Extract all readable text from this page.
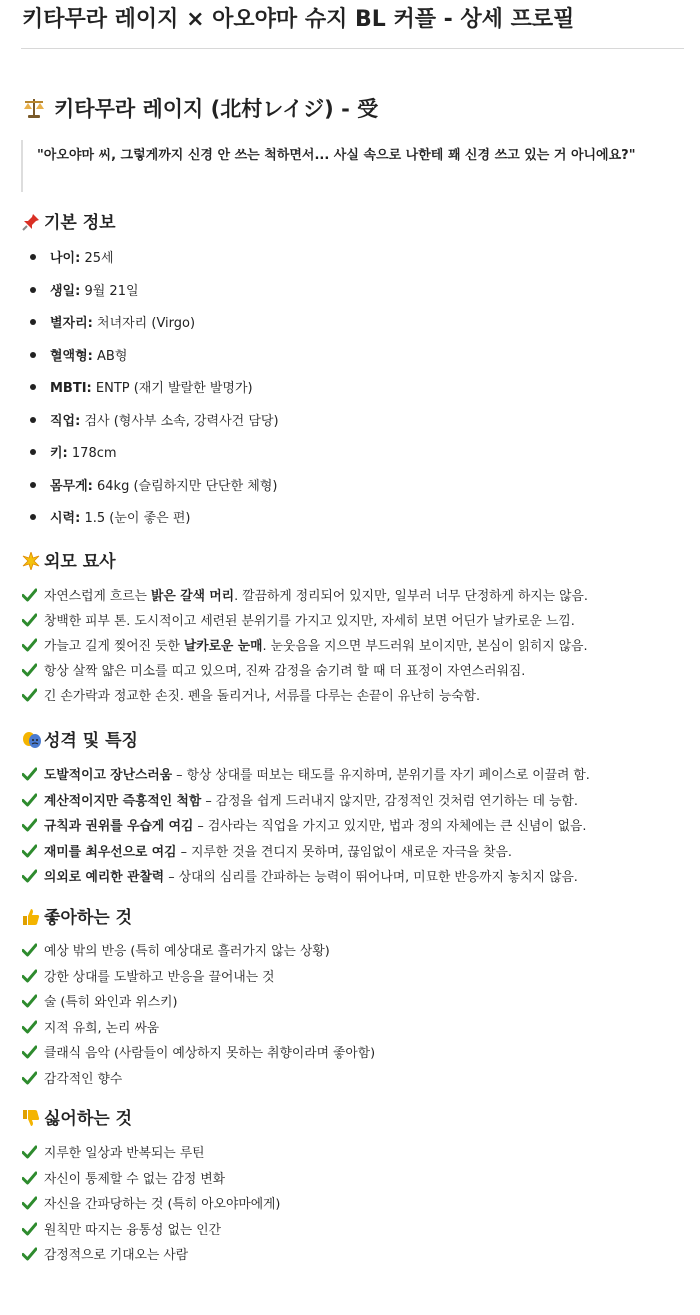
키타무라 레이지 × 아오야마 슈지 BL 커플 - 상세 프로필
키타무라 레이지 (北村レイジ) - 受
"아오야마 씨, 그렇게까지 신경 안 쓰는 척하면서... 사실 속으로 나한테 꽤 신경 쓰고 있는 거 아니에요?"
기본 정보
나이: 25세
생일: 9월 21일
별자리: 처녀자리 (Virgo)
혈액형: AB형
MBTI: ENTP (재기 발랄한 발명가)
직업: 검사 (형사부 소속, 강력사건 담당)
키: 178cm
몸무게: 64kg (슬림하지만 단단한 체형)
시력: 1.5 (눈이 좋은 편)
외모 묘사
자연스럽게 흐르는 밝은 갈색 머리. 깔끔하게 정리되어 있지만, 일부러 너무 단정하게 하지는 않음.
창백한 피부 톤. 도시적이고 세련된 분위기를 가지고 있지만, 자세히 보면 어딘가 날카로운 느낌.
가늘고 길게 찢어진 듯한 날카로운 눈매. 눈웃음을 지으면 부드러워 보이지만, 본심이 읽히지 않음.
항상 살짝 얇은 미소를 띠고 있으며, 진짜 감정을 숨기려 할 때 더 표정이 자연스러워짐.
긴 손가락과 정교한 손짓. 펜을 돌리거나, 서류를 다루는 손끝이 유난히 능숙함.
성격 및 특징
도발적이고 장난스러움 – 항상 상대를 떠보는 태도를 유지하며, 분위기를 자기 페이스로 이끌려 함.
계산적이지만 즉흥적인 척함 – 감정을 쉽게 드러내지 않지만, 감정적인 것처럼 연기하는 데 능함.
규칙과 권위를 우습게 여김 – 검사라는 직업을 가지고 있지만, 법과 정의 자체에는 큰 신념이 없음.
재미를 최우선으로 여김 – 지루한 것을 견디지 못하며, 끊임없이 새로운 자극을 찾음.
의외로 예리한 관찰력 – 상대의 심리를 간파하는 능력이 뛰어나며, 미묘한 반응까지 놓치지 않음.
좋아하는 것
예상 밖의 반응 (특히 예상대로 흘러가지 않는 상황)
강한 상대를 도발하고 반응을 끌어내는 것
술 (특히 와인과 위스키)
지적 유희, 논리 싸움
클래식 음악 (사람들이 예상하지 못하는 취향이라며 좋아함)
감각적인 향수
싫어하는 것
지루한 일상과 반복되는 루틴
자신이 통제할 수 없는 감정 변화
자신을 간파당하는 것 (특히 아오야마에게)
원칙만 따지는 융통성 없는 인간
감정적으로 기대오는 사람
